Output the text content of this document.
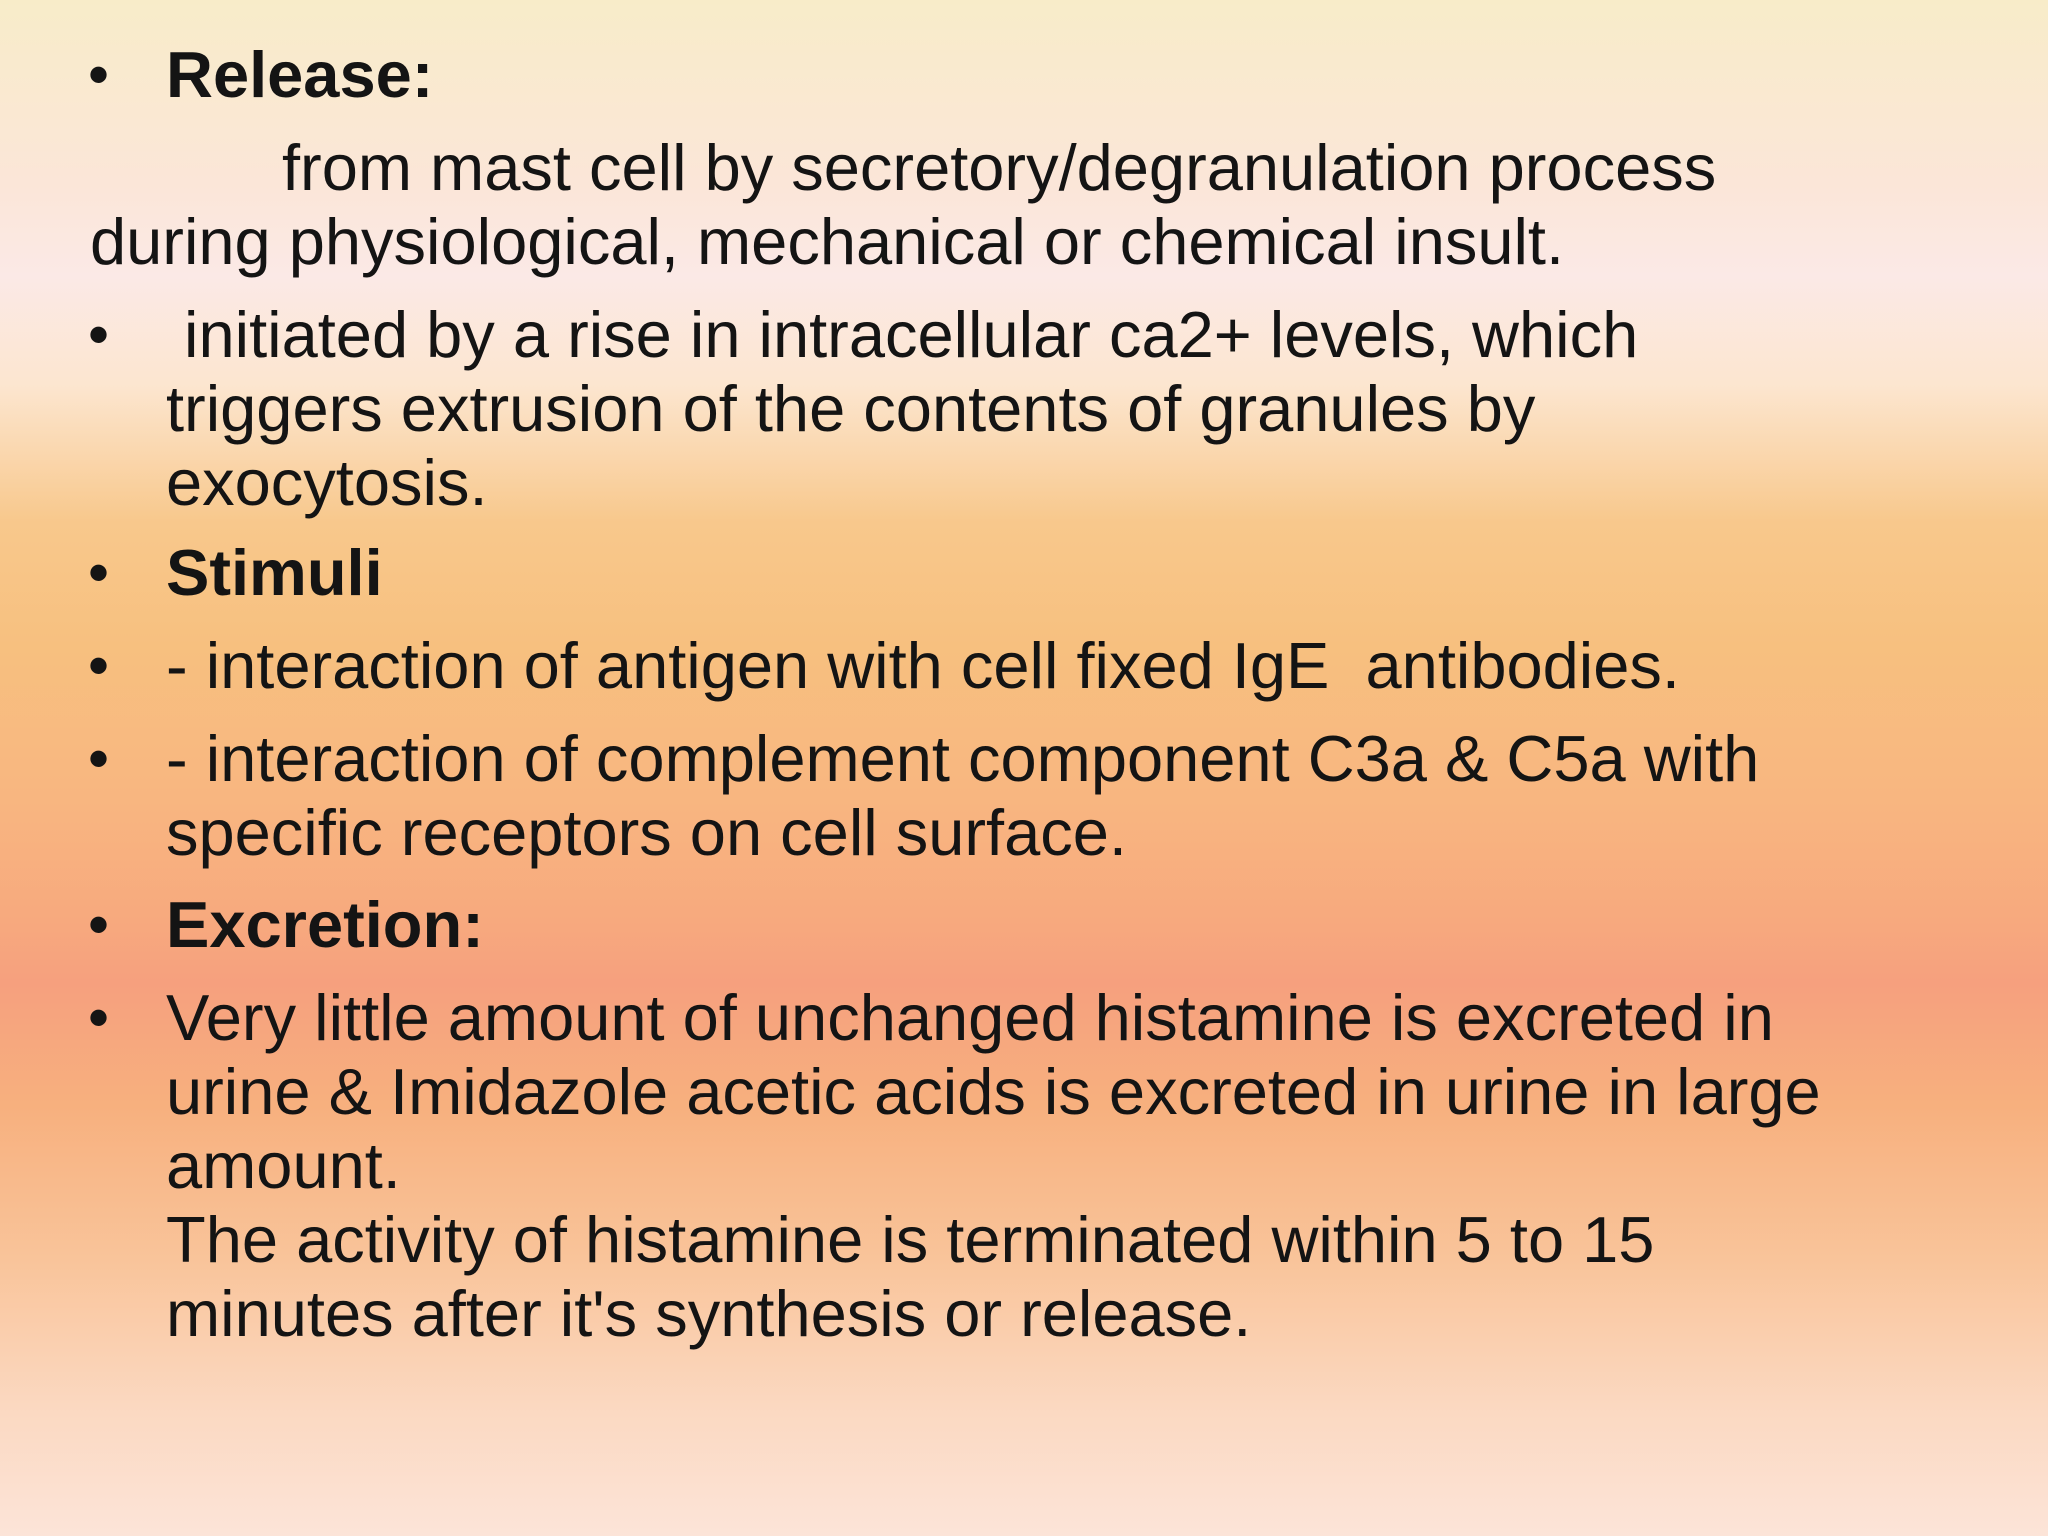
• Release:
from mast cell by secretory/degranulation process
during physiological, mechanical or chemical insult.
• initiated by a rise in intracellular ca2+ levels, which
triggers extrusion of the contents of granules by
exocytosis.
• Stimuli
• - interaction of antigen with cell fixed IgE  antibodies.
• - interaction of complement component C3a & C5a with
specific receptors on cell surface.
• Excretion:
• Very little amount of unchanged histamine is excreted in
urine & Imidazole acetic acids is excreted in urine in large
amount.
The activity of histamine is terminated within 5 to 15
minutes after it's synthesis or release.
